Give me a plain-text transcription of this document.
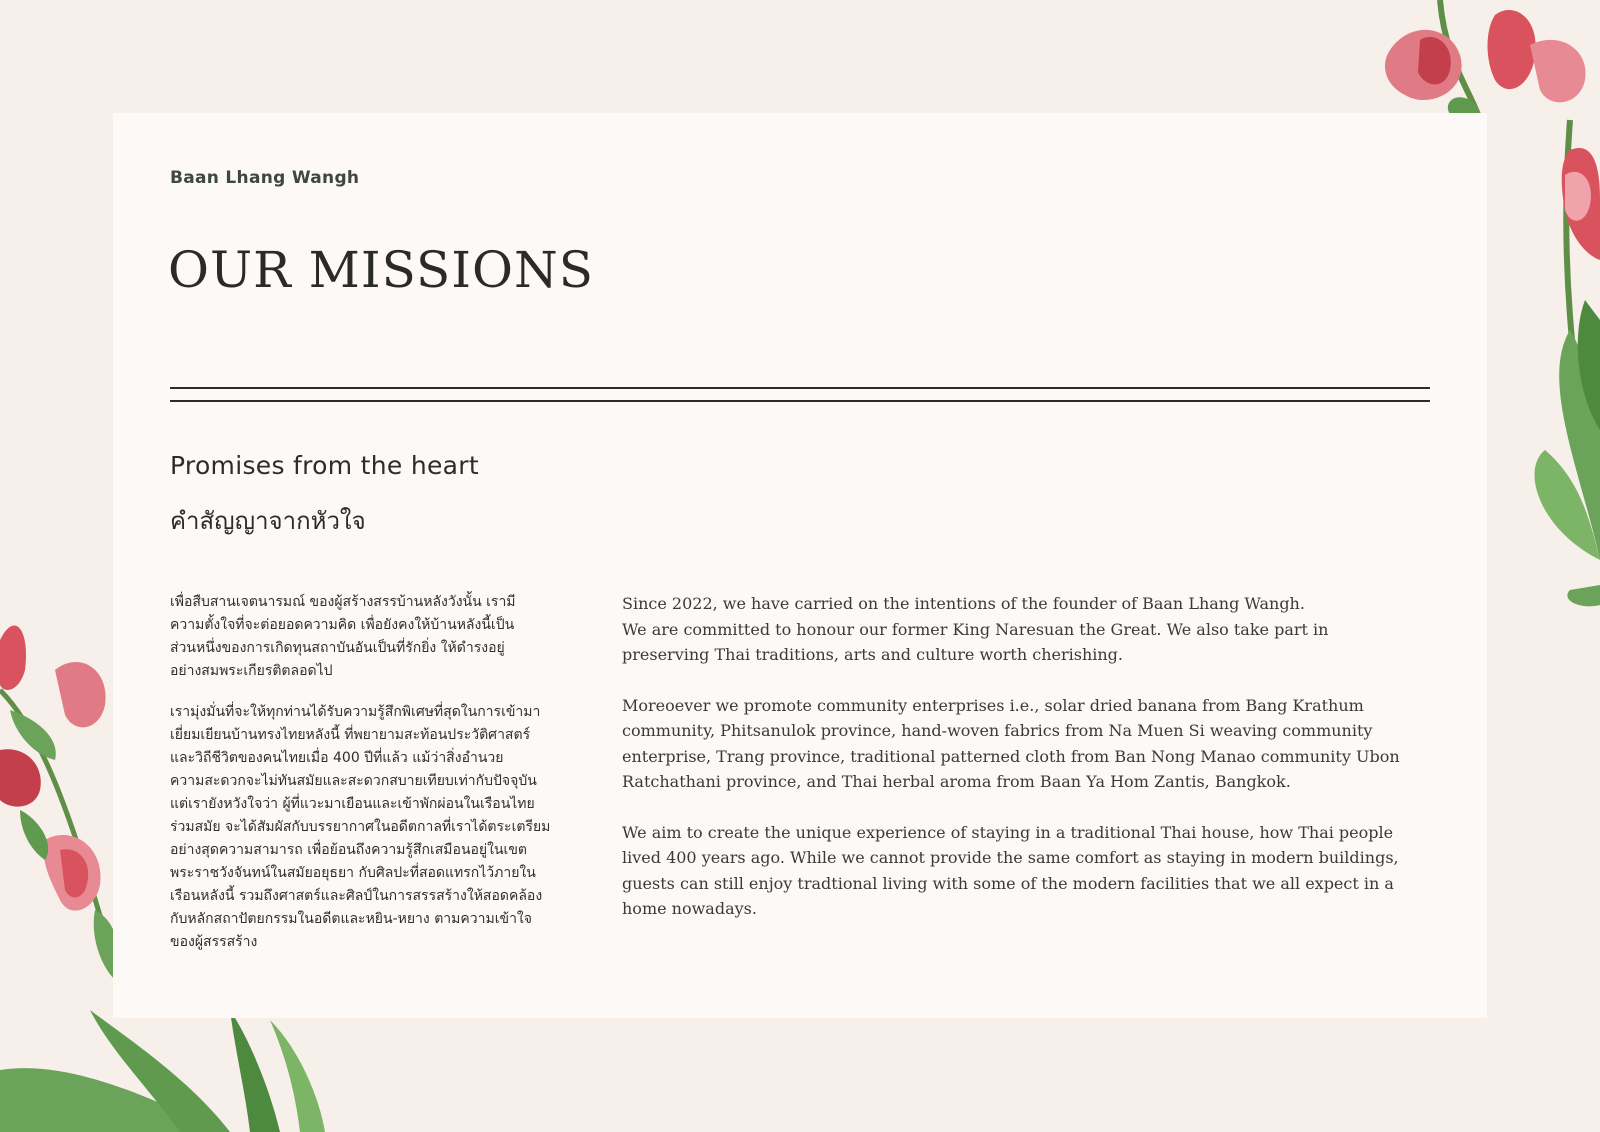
Baan Lhang Wangh
OUR MISSIONS
Promises from the heart
คำสัญญาจากหัวใจ

เพื่อสืบสานเจตนารมณ์ ของผู้สร้างสรรบ้านหลังวังนั้น เรามี
ความตั้งใจที่จะต่อยอดความคิด เพื่อยังคงให้บ้านหลังนี้เป็น
ส่วนหนึ่งของการเกิดทุนสถาบันอันเป็นที่รักยิ่ง ให้ดำรงอยู่
อย่างสมพระเกียรติตลอดไป

เรามุ่งมั่นที่จะให้ทุกท่านได้รับความรู้สึกพิเศษที่สุดในการเข้ามา
เยี่ยมเยียนบ้านทรงไทยหลังนี้ ที่พยายามสะท้อนประวัติศาสตร์
และวิถีชีวิตของคนไทยเมื่อ 400 ปีที่แล้ว แม้ว่าสิ่งอำนวย
ความสะดวกจะไม่ทันสมัยและสะดวกสบายเทียบเท่ากับปัจจุบัน
แต่เรายังหวังใจว่า ผู้ที่แวะมาเยือนและเข้าพักผ่อนในเรือนไทย
ร่วมสมัย จะได้สัมผัสกับบรรยากาศในอดีตกาลที่เราได้ตระเตรียม
อย่างสุดความสามารถ เพื่อย้อนถึงความรู้สึกเสมือนอยู่ในเขต
พระราชวังจันทน์ในสมัยอยุธยา กับศิลปะที่สอดแทรกไว้ภายใน
เรือนหลังนี้ รวมถึงศาสตร์และศิลป์ในการสรรสร้างให้สอดคล้อง
กับหลักสถาปัตยกรรมในอดีตและหยิน-หยาง ตามความเข้าใจ
ของผู้สรรสร้าง

Since 2022, we have carried on the intentions of the founder of Baan Lhang Wangh.
We are committed to honour our former King Naresuan the Great. We also take part in
preserving Thai traditions, arts and culture worth cherishing.

Moreoever we promote community enterprises i.e., solar dried banana from Bang Krathum
community, Phitsanulok province, hand-woven fabrics from Na Muen Si weaving community
enterprise, Trang province, traditional patterned cloth from Ban Nong Manao community Ubon
Ratchathani province, and Thai herbal aroma from Baan Ya Hom Zantis, Bangkok.

We aim to create the unique experience of staying in a traditional Thai house, how Thai people
lived 400 years ago. While we cannot provide the same comfort as staying in modern buildings,
guests can still enjoy tradtional living with some of the modern facilities that we all expect in a
home nowadays.
